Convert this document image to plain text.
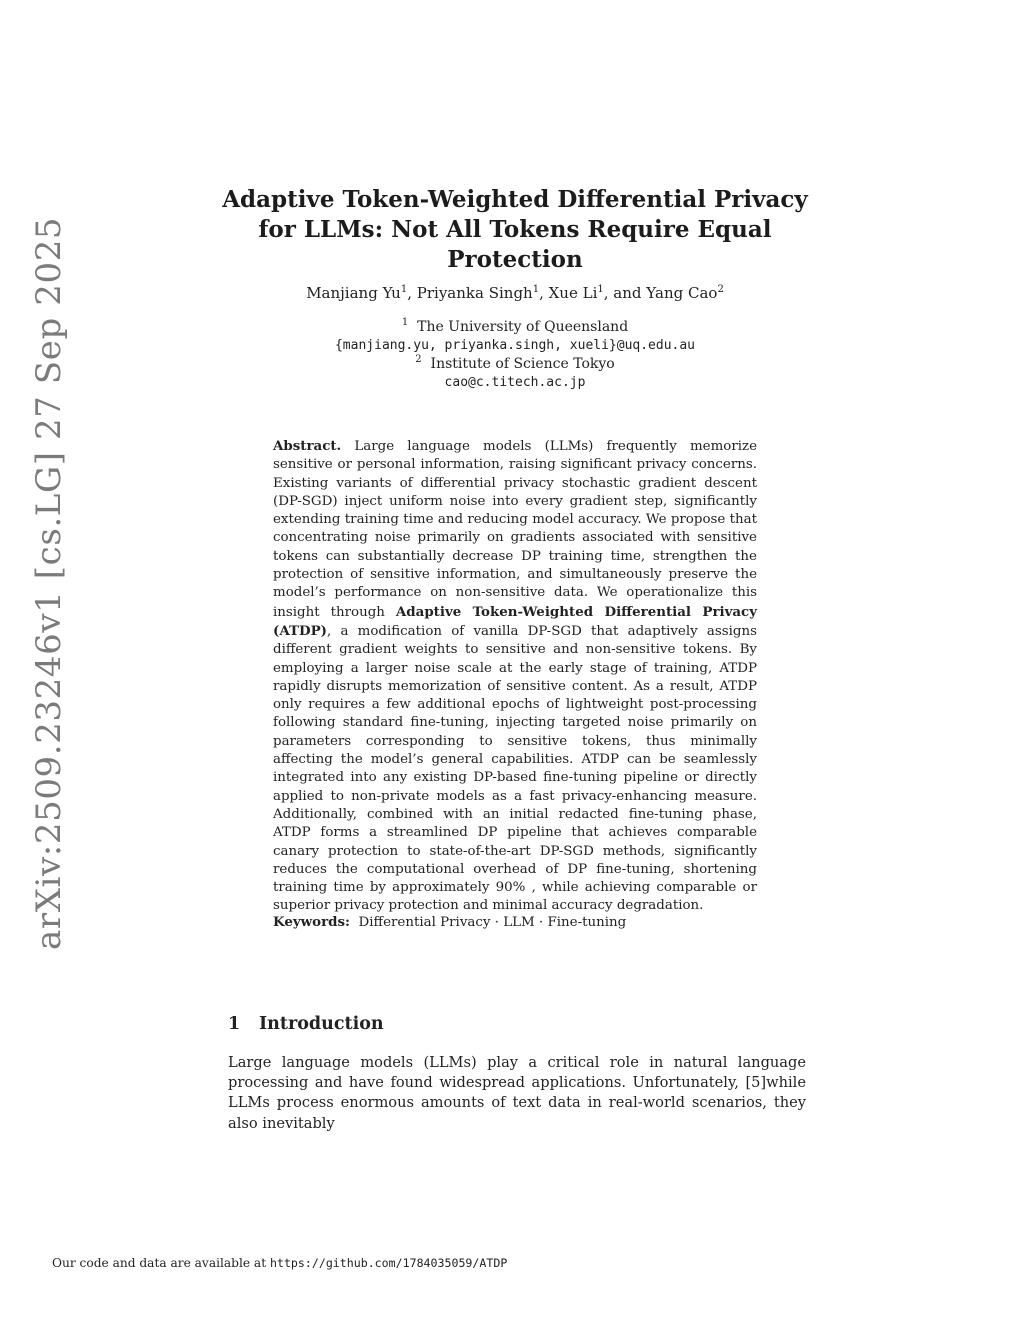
arXiv:2509.23246v1 [cs.LG] 27 Sep 2025
Adaptive Token-Weighted Differential Privacy for LLMs: Not All Tokens Require Equal Protection
Manjiang Yu$^1$, Priyanka Singh$^1$, Xue Li$^1$, and Yang Cao$^2$
$^1$ The University of Queensland
{manjiang.yu, priyanka.singh, xueli}@uq.edu.au
$^2$ Institute of Science Tokyo
cao@c.titech.ac.jp
Abstract. Large language models (LLMs) frequently memorize sensitive or personal information, raising significant privacy concerns. Existing variants of differential privacy stochastic gradient descent (DP-SGD) inject uniform noise into every gradient step, significantly extending training time and reducing model accuracy. We propose that concentrating noise primarily on gradients associated with sensitive tokens can substantially decrease DP training time, strengthen the protection of sensitive information, and simultaneously preserve the model’s performance on non-sensitive data. We operationalize this insight through Adaptive Token-Weighted Differential Privacy (ATDP), a modification of vanilla DP-SGD that adaptively assigns different gradient weights to sensitive and non-sensitive tokens. By employing a larger noise scale at the early stage of training, ATDP rapidly disrupts memorization of sensitive content. As a result, ATDP only requires a few additional epochs of lightweight post-processing following standard fine-tuning, injecting targeted noise primarily on parameters corresponding to sensitive tokens, thus minimally affecting the model’s general capabilities. ATDP can be seamlessly integrated into any existing DP-based fine-tuning pipeline or directly applied to non-private models as a fast privacy-enhancing measure. Additionally, combined with an initial redacted fine-tuning phase, ATDP forms a streamlined DP pipeline that achieves comparable canary protection to state-of-the-art DP-SGD methods, significantly reduces the computational overhead of DP fine-tuning, shortening training time by approximately 90% , while achieving comparable or superior privacy protection and minimal accuracy degradation.
Keywords: Differential Privacy · LLM · Fine-tuning
1 Introduction
Large language models (LLMs) play a critical role in natural language processing and have found widespread applications. Unfortunately, [5]while LLMs process enormous amounts of text data in real-world scenarios, they also inevitably
Our code and data are available at https://github.com/1784035059/ATDP
